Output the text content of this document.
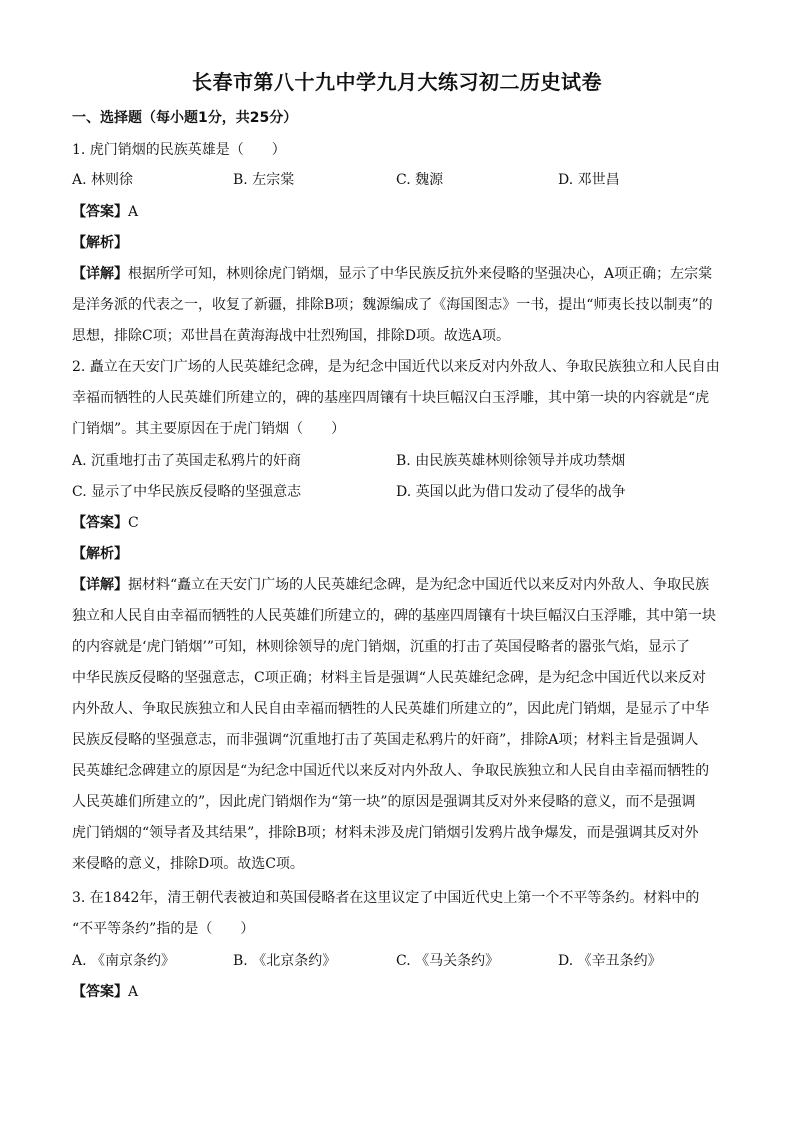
长春市第八十九中学九月大练习初二历史试卷
一、选择题（每小题1分，共25分）
1. 虎门销烟的民族英雄是（　　）
A. 林则徐	B. 左宗棠	C. 魏源	D. 邓世昌
【答案】A
【解析】
【详解】根据所学可知，林则徐虎门销烟，显示了中华民族反抗外来侵略的坚强决心，A项正确；左宗棠
是洋务派的代表之一，收复了新疆，排除B项；魏源编成了《海国图志》一书，提出“师夷长技以制夷”的
思想，排除C项；邓世昌在黄海海战中壮烈殉国，排除D项。故选A项。
2. 矗立在天安门广场的人民英雄纪念碑，是为纪念中国近代以来反对内外敌人、争取民族独立和人民自由
幸福而牺牲的人民英雄们所建立的，碑的基座四周镶有十块巨幅汉白玉浮雕，其中第一块的内容就是“虎
门销烟”。其主要原因在于虎门销烟（　　）
A. 沉重地打击了英国走私鸦片的奸商	B. 由民族英雄林则徐领导并成功禁烟
C. 显示了中华民族反侵略的坚强意志	D. 英国以此为借口发动了侵华的战争
【答案】C
【解析】
【详解】据材料“矗立在天安门广场的人民英雄纪念碑，是为纪念中国近代以来反对内外敌人、争取民族
独立和人民自由幸福而牺牲的人民英雄们所建立的，碑的基座四周镶有十块巨幅汉白玉浮雕，其中第一块
的内容就是‘虎门销烟’”可知，林则徐领导的虎门销烟，沉重的打击了英国侵略者的嚣张气焰，显示了
中华民族反侵略的坚强意志，C项正确；材料主旨是强调“人民英雄纪念碑，是为纪念中国近代以来反对
内外敌人、争取民族独立和人民自由幸福而牺牲的人民英雄们所建立的”，因此虎门销烟，是显示了中华
民族反侵略的坚强意志，而非强调“沉重地打击了英国走私鸦片的奸商”，排除A项；材料主旨是强调人
民英雄纪念碑建立的原因是“为纪念中国近代以来反对内外敌人、争取民族独立和人民自由幸福而牺牲的
人民英雄们所建立的”，因此虎门销烟作为“第一块”的原因是强调其反对外来侵略的意义，而不是强调
虎门销烟的“领导者及其结果”，排除B项；材料未涉及虎门销烟引发鸦片战争爆发，而是强调其反对外
来侵略的意义，排除D项。故选C项。
3. 在1842年，清王朝代表被迫和英国侵略者在这里议定了中国近代史上第一个不平等条约。材料中的
“不平等条约”指的是（　　）
A. 《南京条约》	B. 《北京条约》	C. 《马关条约》	D. 《辛丑条约》
【答案】A
